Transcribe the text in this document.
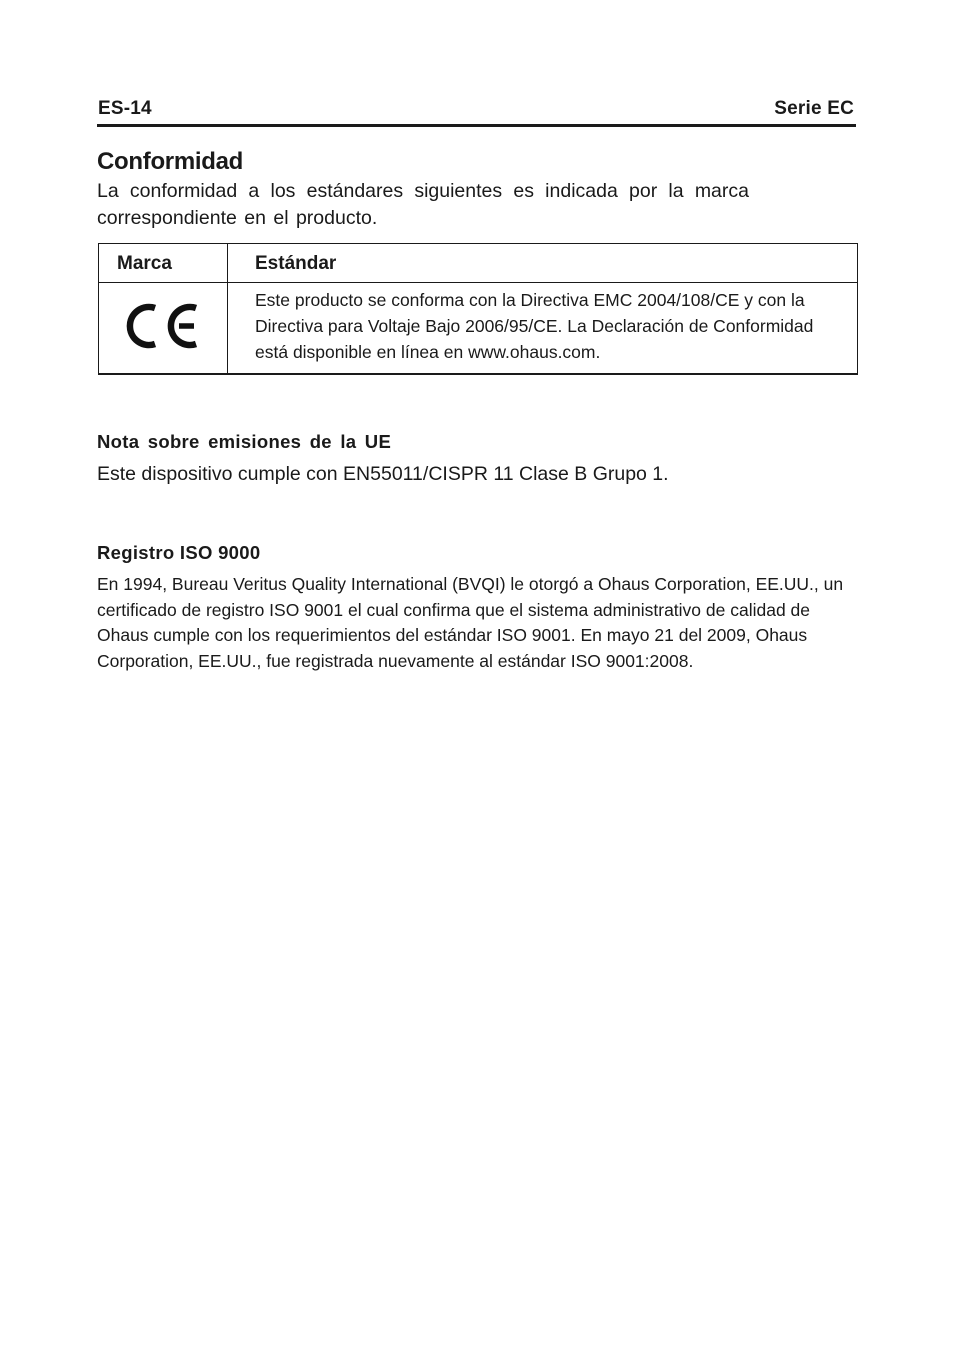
ES-14	Serie EC
Conformidad
La conformidad a los estándares siguientes es indicada por la marca correspondiente en el producto.
Marca	Estándar
	Este producto se conforma con la Directiva EMC 2004/108/CE y con la Directiva para Voltaje Bajo 2006/95/CE. La Declaración de Conformidad está disponible en línea en www.ohaus.com.
Nota sobre emisiones de la UE
Este dispositivo cumple con EN55011/CISPR 11 Clase B Grupo 1.
Registro ISO 9000
En 1994, Bureau Veritus Quality International (BVQI) le otorgó a Ohaus Corporation, EE.UU., un certificado de registro ISO 9001 el cual confirma que el sistema administrativo de calidad de Ohaus cumple con los requerimientos del estándar ISO 9001. En mayo 21 del 2009, Ohaus Corporation, EE.UU., fue registrada nuevamente al estándar ISO 9001:2008.
